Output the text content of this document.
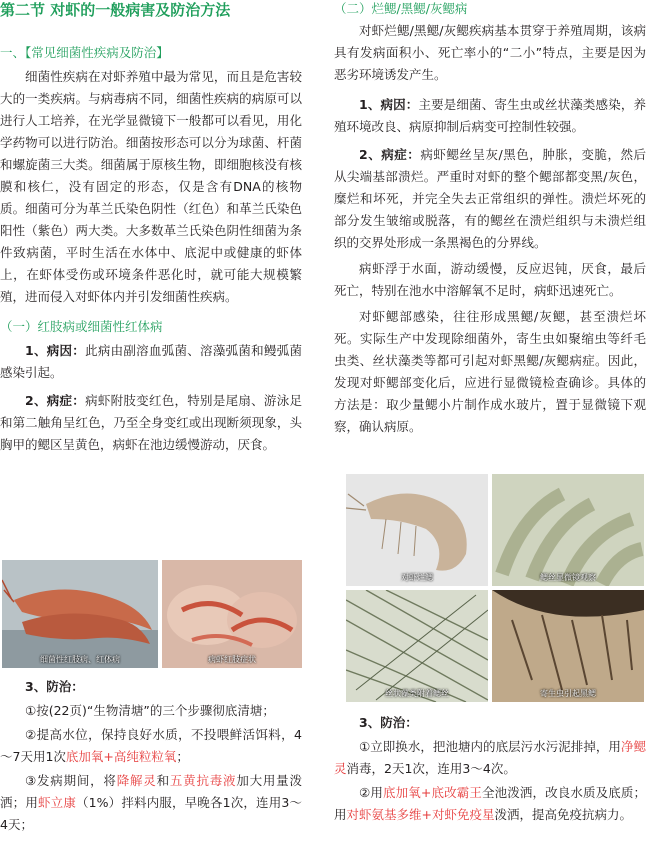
第二节 对虾的一般病害及防治方法
一、【常见细菌性疾病及防治】

细菌性疾病在对虾养殖中最为常见，而且是危害较大的一类疾病。与病毒病不同，细菌性疾病的病原可以进行人工培养，在光学显微镜下一般都可以看见，用化学药物可以进行防治。细菌按形态可以分为球菌、杆菌和螺旋菌三大类。细菌属于原核生物，即细胞核没有核膜和核仁，没有固定的形态，仅是含有DNA的核物质。细菌可分为革兰氏染色阴性（红色）和革兰氏染色阳性（紫色）两大类。大多数革兰氏染色阴性细菌为条件致病菌，平时生活在水体中、底泥中或健康的虾体上，在虾体受伤或环境条件恶化时，就可能大规模繁殖，进而侵入对虾体内并引发细菌性疾病。

（一）红肢病或细菌性红体病

1、病因：此病由副溶血弧菌、溶藻弧菌和鳗弧菌感染引起。

2、病症：病虾附肢变红色，特别是尾扇、游泳足和第二触角呈红色，乃至全身变红或出现断须现象，头胸甲的鳃区呈黄色，病虾在池边缓慢游动，厌食。

细菌性红肢病、红体病	病虾红肢症状

3、防治：

①按(22页)“生物清塘”的三个步骤彻底清塘；

②提高水位，保持良好水质，不投喂鲜活饵料，4～7天用1次底加氧+高纯粒粒氧；

③发病期间，将降解灵和五黄抗毒液加大用量泼洒；用虾立康（1%）拌料内服，早晚各1次，连用3～4天；

（二）烂鳃/黑鳃/灰鳃病

对虾烂鳃/黑鳃/灰鳃疾病基本贯穿于养殖周期，该病具有发病面积小、死亡率小的“二小”特点，主要是因为恶劣环境诱发产生。

1、病因：主要是细菌、寄生虫或丝状藻类感染，养殖环境改良、病原抑制后病变可控制性较强。

2、病症：病虾鳃丝呈灰/黑色，肿胀，变脆，然后从尖端基部溃烂。严重时对虾的整个鳃部都变黑/灰色，糜烂和坏死，并完全失去正常组织的弹性。溃烂坏死的部分发生皱缩或脱落，有的鳃丝在溃烂组织与未溃烂组织的交界处形成一条黑褐色的分界线。

病虾浮于水面，游动缓慢，反应迟钝，厌食，最后死亡，特别在池水中溶解氧不足时，病虾迅速死亡。

对虾鳃部感染，往往形成黑鳃/灰鳃，甚至溃烂坏死。实际生产中发现除细菌外，寄生虫如聚缩虫等纤毛虫类、丝状藻类等都可引起对虾黑鳃/灰鳃病症。因此，发现对虾鳃部变化后，应进行显微镜检查确诊。具体的方法是：取少量鳃小片制作成水玻片，置于显微镜下观察，确认病原。

对虾烂鳃	鳃丝显微镜观察
丝状藻类附着鳃丝	寄生虫引起黑鳃

3、防治：

①立即换水，把池塘内的底层污水污泥排掉，用净鳃灵消毒，2天1次，连用3～4次。

②用底加氧+底改霸王全池泼洒，改良水质及底质；用对虾氨基多维+对虾免疫星泼洒，提高免疫抗病力。
